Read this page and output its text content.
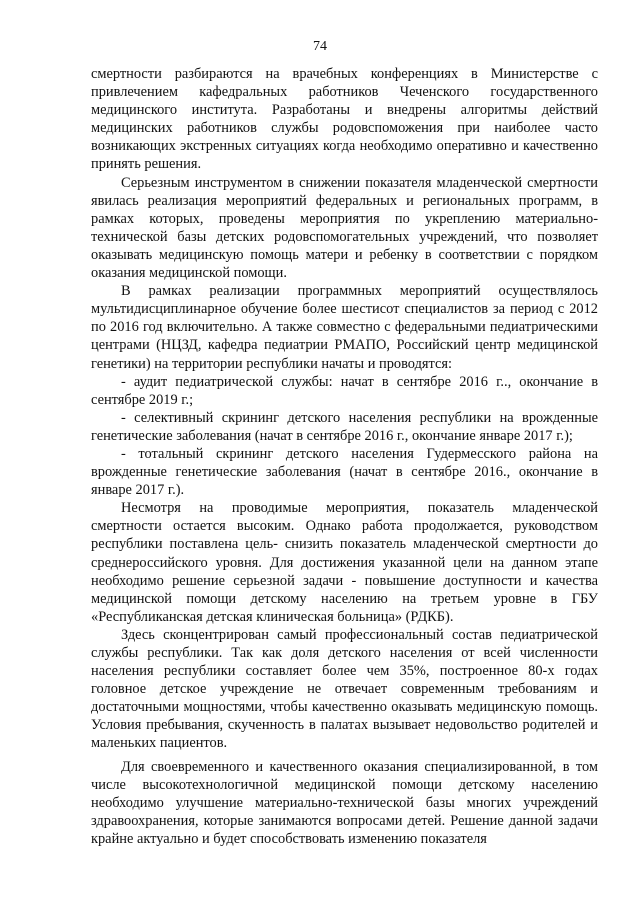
74

смертности разбираются на врачебных конференциях в Министерстве с привлечением кафедральных работников Чеченского государственного медицинского института. Разработаны и внедрены алгоритмы действий медицинских работников службы родовспоможения при наиболее часто возникающих экстренных ситуациях когда необходимо оперативно и качественно принять решения.

Серьезным инструментом в снижении показателя младенческой смертности явилась реализация мероприятий федеральных и региональных программ, в рамках которых, проведены мероприятия по укреплению материально-технической базы детских родовспомогательных учреждений, что позволяет оказывать медицинскую помощь матери и ребенку в соответствии с порядком оказания медицинской помощи.

В рамках реализации программных мероприятий осуществлялось мультидисциплинарное обучение более шестисот специалистов за период с 2012 по 2016 год включительно. А также совместно с федеральными педиатрическими центрами (НЦЗД, кафедра педиатрии РМАПО, Российский центр медицинской генетики) на территории республики начаты и проводятся:

- аудит педиатрической службы: начат в сентябре 2016 г.., окончание в сентябре 2019 г.;

- селективный скрининг детского населения республики на врожденные генетические заболевания (начат в сентябре 2016 г., окончание январе 2017 г.);

- тотальный скрининг детского населения Гудермесского района на врожденные генетические заболевания (начат в сентябре 2016., окончание в январе 2017 г.).

Несмотря на проводимые мероприятия, показатель младенческой смертности остается высоким. Однако работа продолжается, руководством республики поставлена цель- снизить показатель младенческой смертности до среднероссийского уровня. Для достижения указанной цели на данном этапе необходимо решение серьезной задачи - повышение доступности и качества медицинской помощи детскому населению на третьем уровне в ГБУ «Республиканская детская клиническая больница» (РДКБ).

Здесь сконцентрирован самый профессиональный состав педиатрической службы республики. Так как доля детского населения от всей численности населения республики составляет более чем 35%, построенное 80-х годах головное детское учреждение не отвечает современным требованиям и достаточными мощностями, чтобы качественно оказывать медицинскую помощь. Условия пребывания, скученность в палатах вызывает недовольство родителей и маленьких пациентов.

Для своевременного и качественного оказания специализированной, в том числе высокотехнологичной медицинской помощи детскому населению необходимо улучшение материально-технической базы многих учреждений здравоохранения, которые занимаются вопросами детей. Решение данной задачи крайне актуально и будет способствовать изменению показателя
